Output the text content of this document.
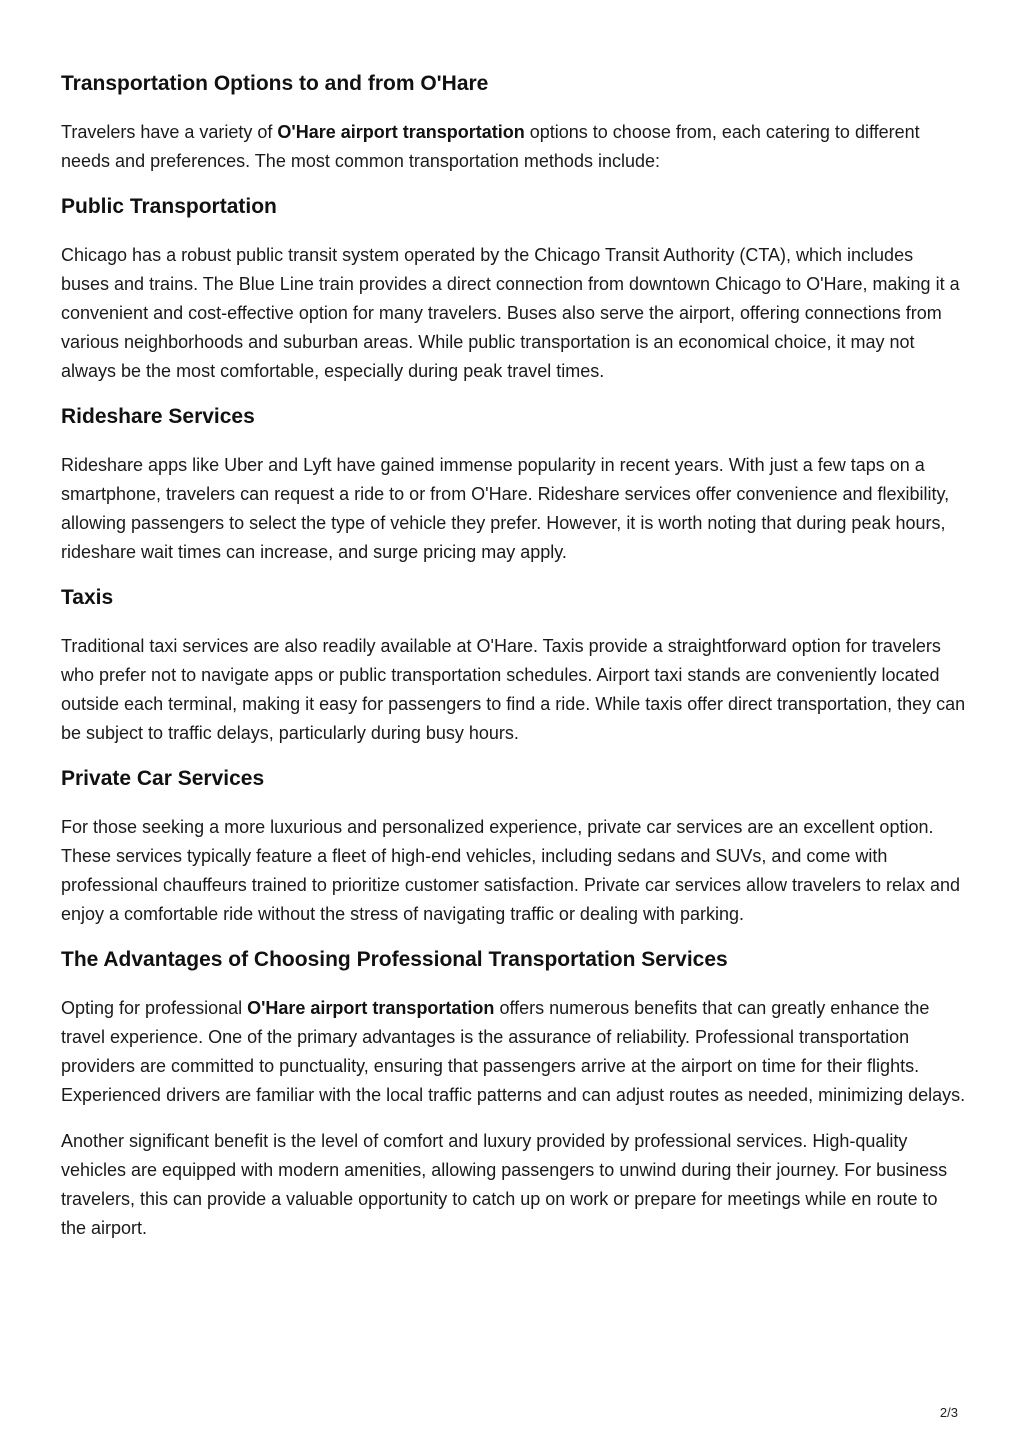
Transportation Options to and from O'Hare

Travelers have a variety of O'Hare airport transportation options to choose from, each catering to different needs and preferences. The most common transportation methods include:

Public Transportation

Chicago has a robust public transit system operated by the Chicago Transit Authority (CTA), which includes buses and trains. The Blue Line train provides a direct connection from downtown Chicago to O'Hare, making it a convenient and cost-effective option for many travelers. Buses also serve the airport, offering connections from various neighborhoods and suburban areas. While public transportation is an economical choice, it may not always be the most comfortable, especially during peak travel times.

Rideshare Services

Rideshare apps like Uber and Lyft have gained immense popularity in recent years. With just a few taps on a smartphone, travelers can request a ride to or from O'Hare. Rideshare services offer convenience and flexibility, allowing passengers to select the type of vehicle they prefer. However, it is worth noting that during peak hours, rideshare wait times can increase, and surge pricing may apply.

Taxis

Traditional taxi services are also readily available at O'Hare. Taxis provide a straightforward option for travelers who prefer not to navigate apps or public transportation schedules. Airport taxi stands are conveniently located outside each terminal, making it easy for passengers to find a ride. While taxis offer direct transportation, they can be subject to traffic delays, particularly during busy hours.

Private Car Services

For those seeking a more luxurious and personalized experience, private car services are an excellent option. These services typically feature a fleet of high-end vehicles, including sedans and SUVs, and come with professional chauffeurs trained to prioritize customer satisfaction. Private car services allow travelers to relax and enjoy a comfortable ride without the stress of navigating traffic or dealing with parking.

The Advantages of Choosing Professional Transportation Services

Opting for professional O'Hare airport transportation offers numerous benefits that can greatly enhance the travel experience. One of the primary advantages is the assurance of reliability. Professional transportation providers are committed to punctuality, ensuring that passengers arrive at the airport on time for their flights. Experienced drivers are familiar with the local traffic patterns and can adjust routes as needed, minimizing delays.

Another significant benefit is the level of comfort and luxury provided by professional services. High-quality vehicles are equipped with modern amenities, allowing passengers to unwind during their journey. For business travelers, this can provide a valuable opportunity to catch up on work or prepare for meetings while en route to the airport.

2/3
